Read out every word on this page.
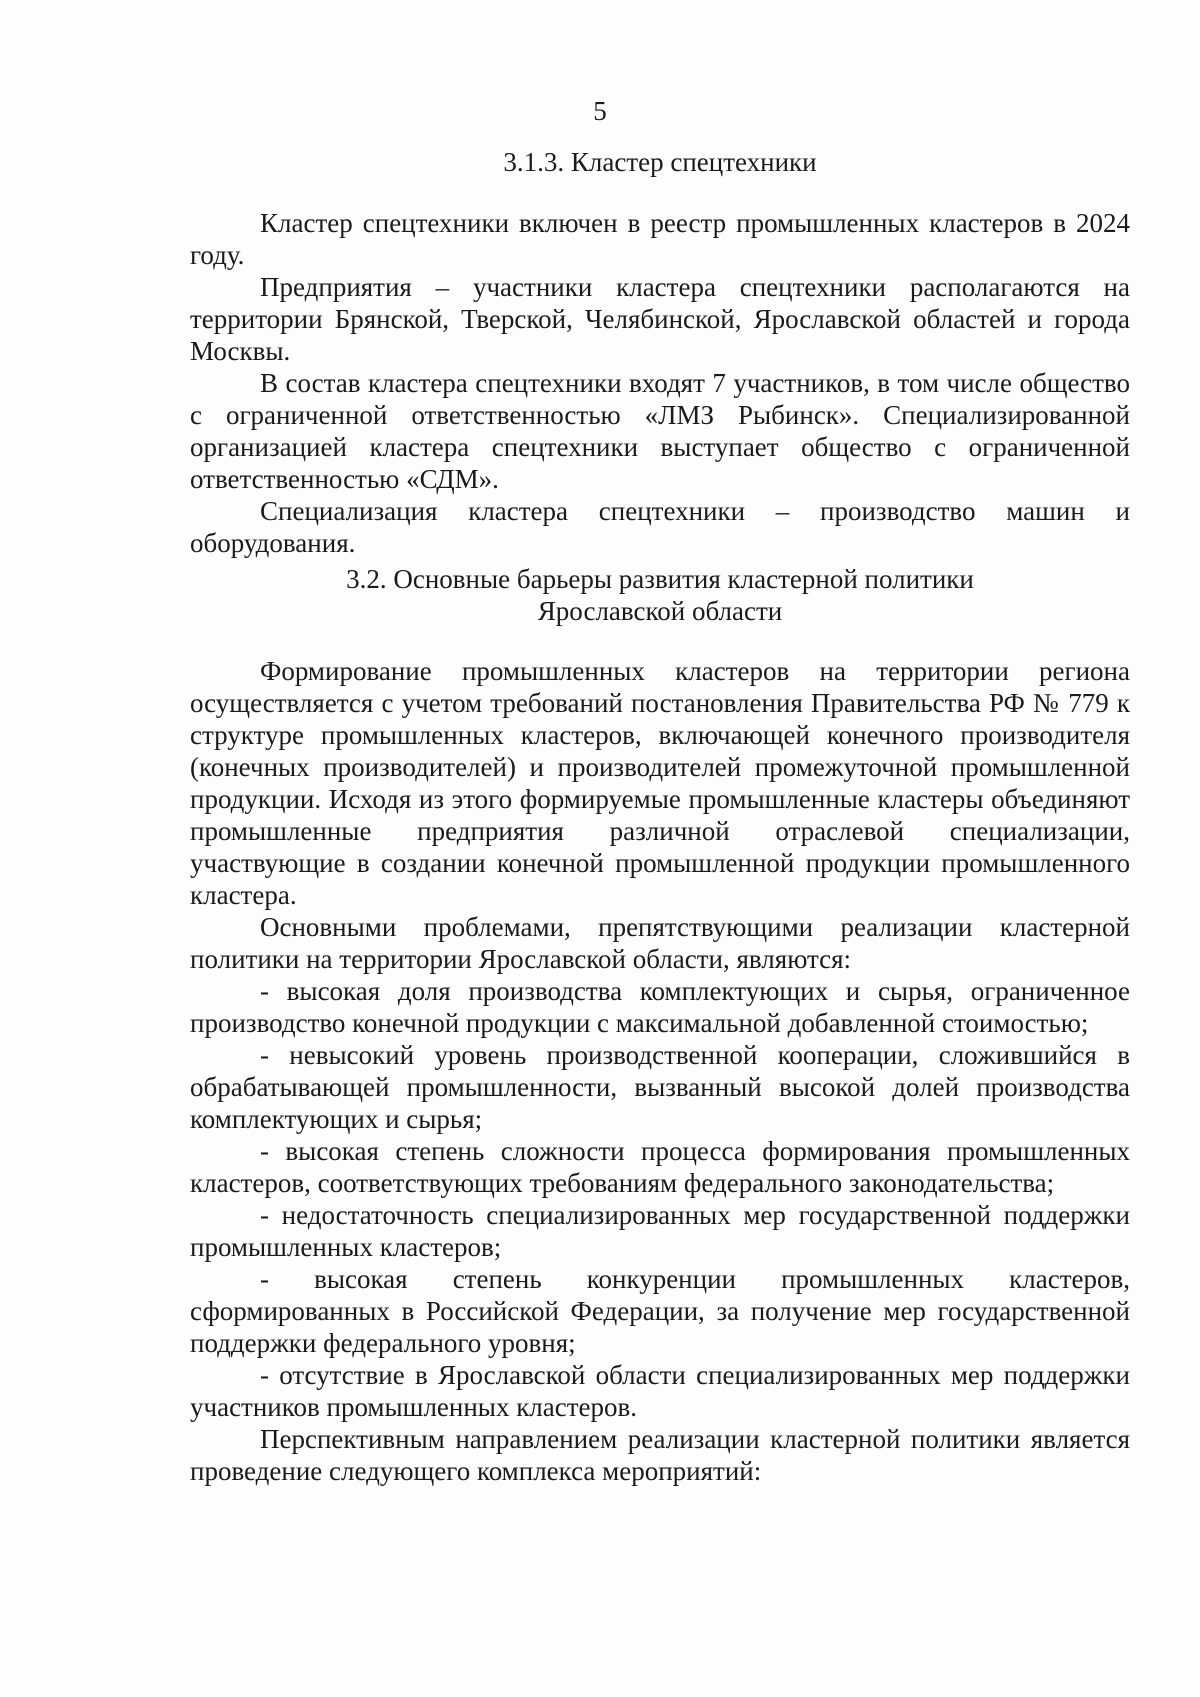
5

3.1.3. Кластер спецтехники

Кластер спецтехники включен в реестр промышленных кластеров в 2024 году.

Предприятия – участники кластера спецтехники располагаются на территории Брянской, Тверской, Челябинской, Ярославской областей и города Москвы.

В состав кластера спецтехники входят 7 участников, в том числе общество с ограниченной ответственностью «ЛМЗ Рыбинск». Специализированной организацией кластера спецтехники выступает общество с ограниченной ответственностью «СДМ».

Специализация кластера спецтехники – производство машин и оборудования.

3.2. Основные барьеры развития кластерной политики

Ярославской области

Формирование промышленных кластеров на территории региона осуществляется с учетом требований постановления Правительства РФ № 779 к структуре промышленных кластеров, включающей конечного производителя (конечных производителей) и производителей промежуточной промышленной продукции. Исходя из этого формируемые промышленные кластеры объединяют промышленные предприятия различной отраслевой специализации, участвующие в создании конечной промышленной продукции промышленного кластера.

Основными проблемами, препятствующими реализации кластерной политики на территории Ярославской области, являются:

- высокая доля производства комплектующих и сырья, ограниченное производство конечной продукции с максимальной добавленной стоимостью;

- невысокий уровень производственной кооперации, сложившийся в обрабатывающей промышленности, вызванный высокой долей производства комплектующих и сырья;

- высокая степень сложности процесса формирования промышленных кластеров, соответствующих требованиям федерального законодательства;

- недостаточность специализированных мер государственной поддержки промышленных кластеров;

- высокая степень конкуренции промышленных кластеров, сформированных в Российской Федерации, за получение мер государственной поддержки федерального уровня;

- отсутствие в Ярославской области специализированных мер поддержки участников промышленных кластеров.

Перспективным направлением реализации кластерной политики является проведение следующего комплекса мероприятий:
